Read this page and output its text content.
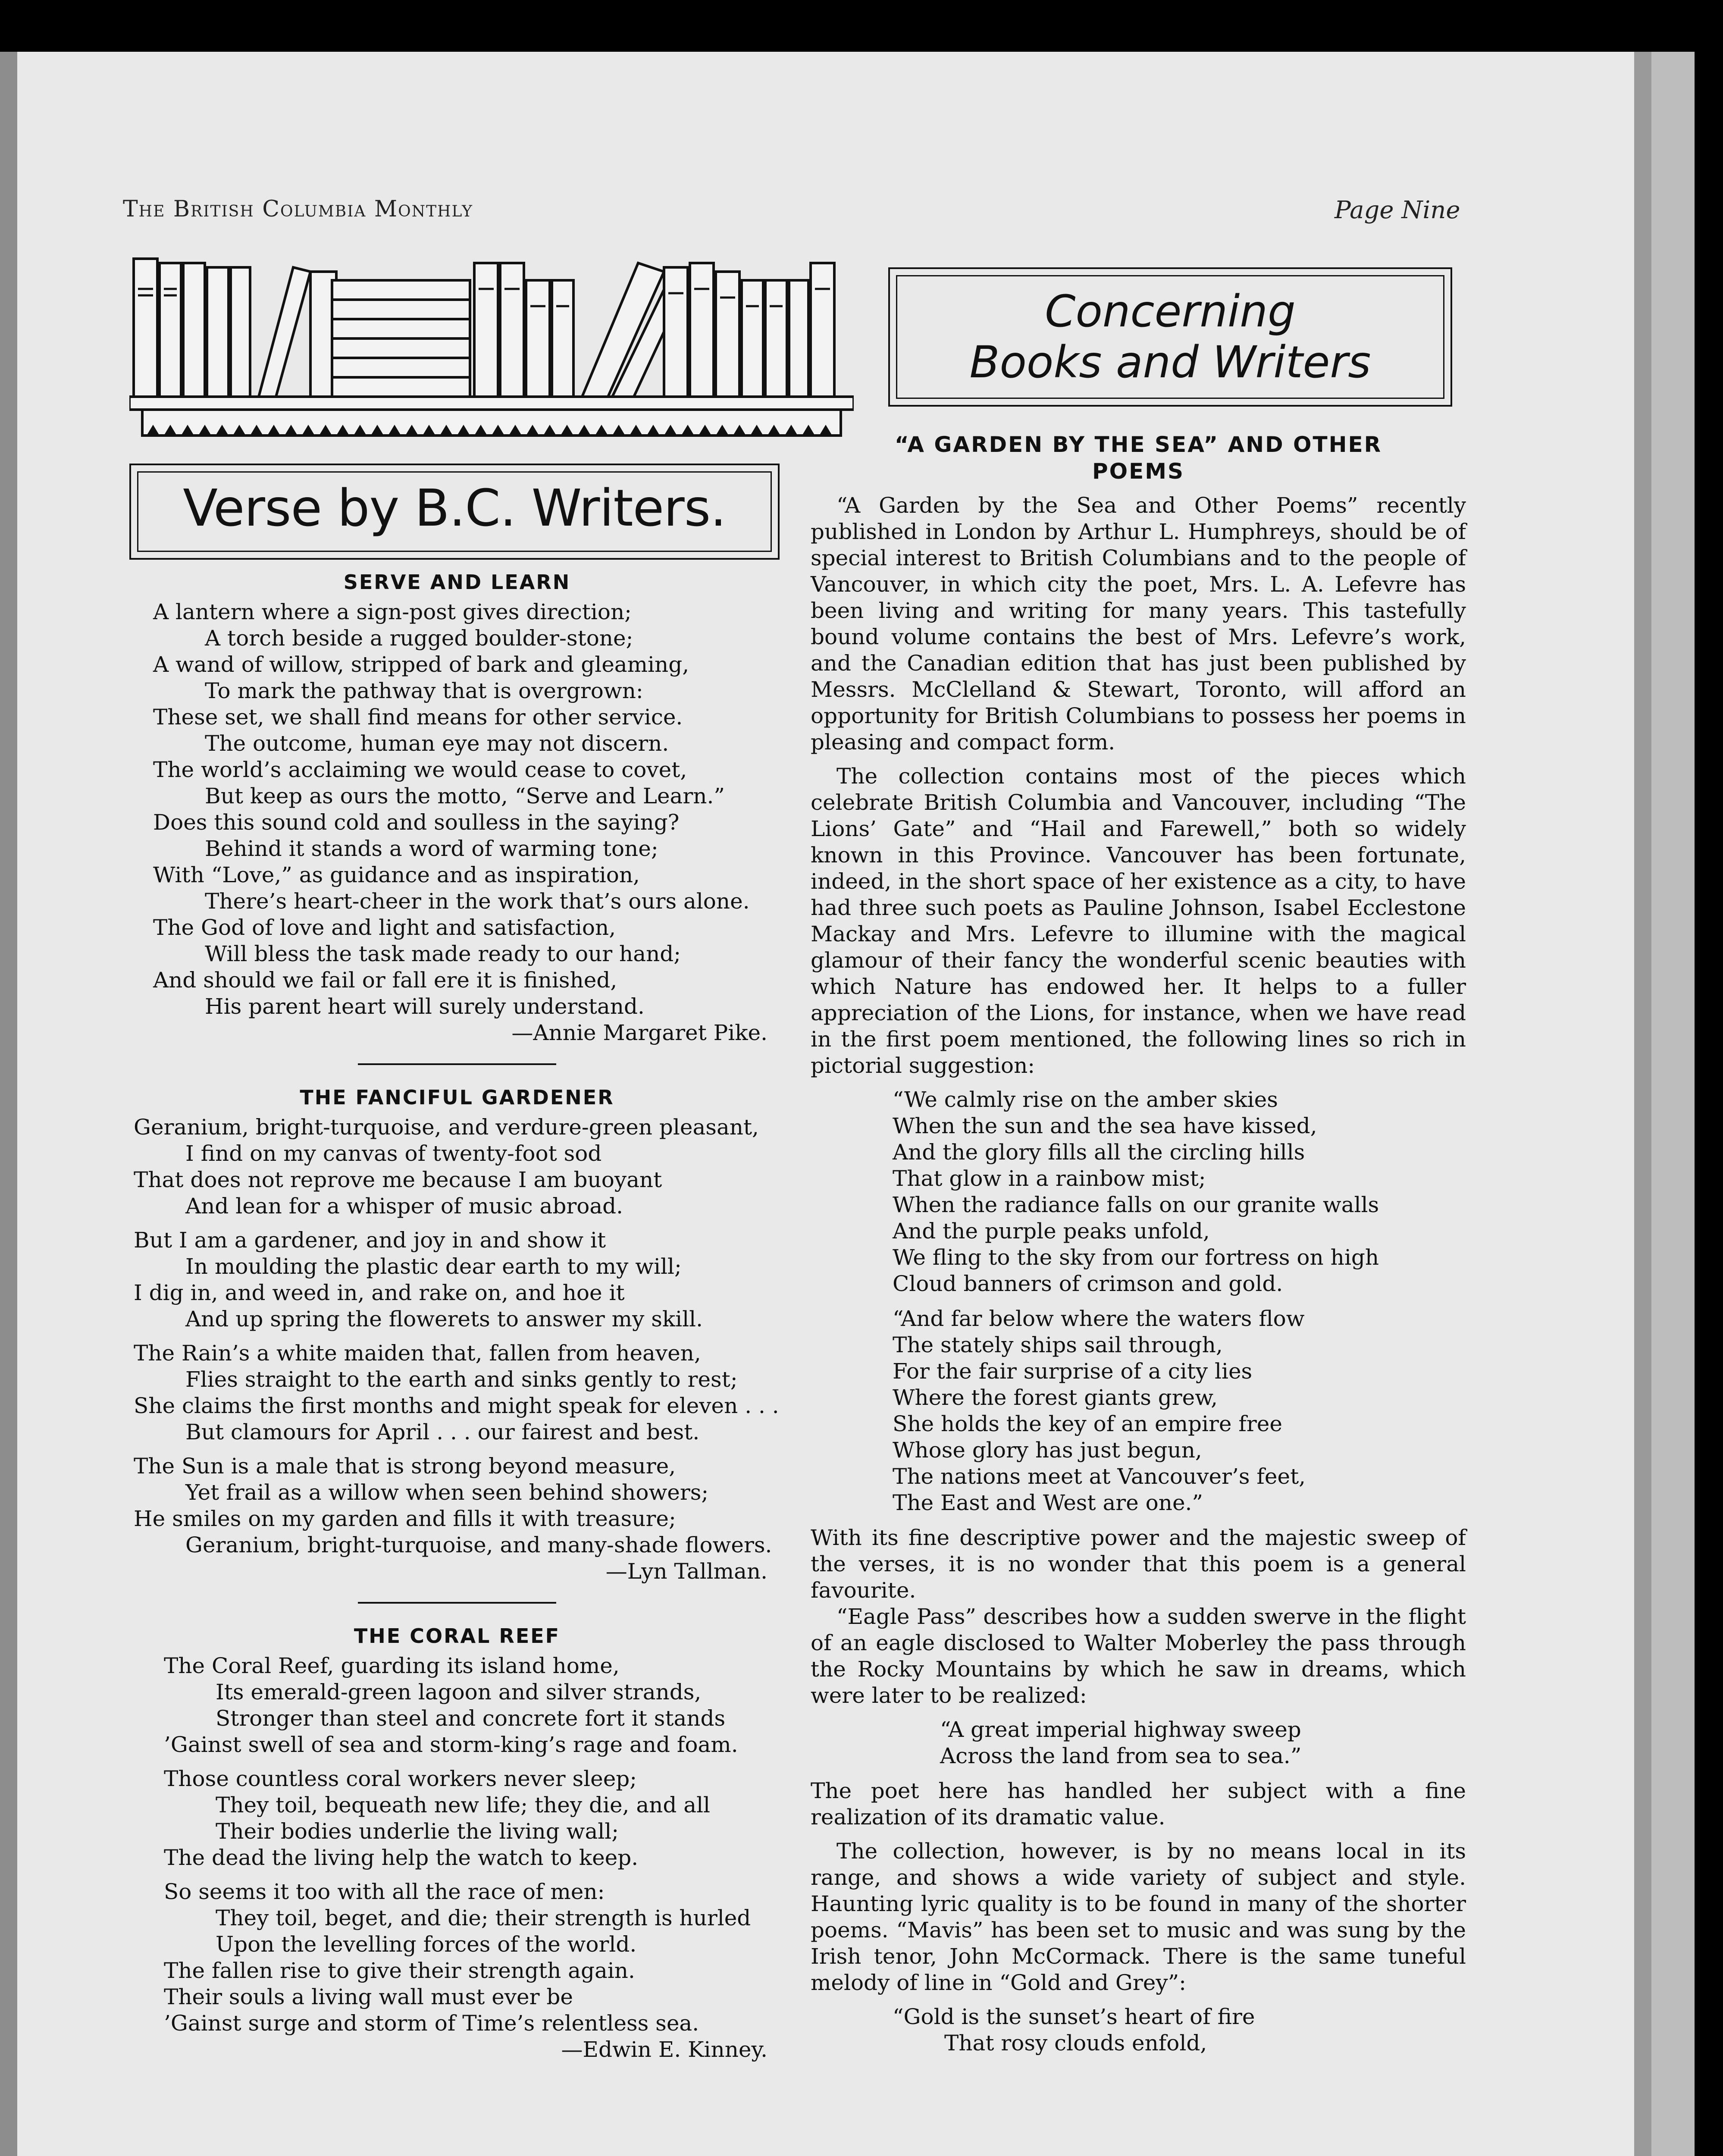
The British Columbia Monthly	Page Nine
Verse by B.C. Writers.
Concerning
Books and Writers
SERVE AND LEARN
A lantern where a sign-post gives direction;
A torch beside a rugged boulder-stone;
A wand of willow, stripped of bark and gleaming,
To mark the pathway that is overgrown:
These set, we shall find means for other service.
The outcome, human eye may not discern.
The world’s acclaiming we would cease to covet,
But keep as ours the motto, “Serve and Learn.”
Does this sound cold and soulless in the saying?
Behind it stands a word of warming tone;
With “Love,” as guidance and as inspiration,
There’s heart-cheer in the work that’s ours alone.
The God of love and light and satisfaction,
Will bless the task made ready to our hand;
And should we fail or fall ere it is finished,
His parent heart will surely understand.
—Annie Margaret Pike.
THE FANCIFUL GARDENER
Geranium, bright-turquoise, and verdure-green pleasant,
I find on my canvas of twenty-foot sod
That does not reprove me because I am buoyant
And lean for a whisper of music abroad.
But I am a gardener, and joy in and show it
In moulding the plastic dear earth to my will;
I dig in, and weed in, and rake on, and hoe it
And up spring the flowerets to answer my skill.
The Rain’s a white maiden that, fallen from heaven,
Flies straight to the earth and sinks gently to rest;
She claims the first months and might speak for eleven . . .
But clamours for April . . . our fairest and best.
The Sun is a male that is strong beyond measure,
Yet frail as a willow when seen behind showers;
He smiles on my garden and fills it with treasure;
Geranium, bright-turquoise, and many-shade flowers.
—Lyn Tallman.
THE CORAL REEF
The Coral Reef, guarding its island home,
Its emerald-green lagoon and silver strands,
Stronger than steel and concrete fort it stands
’Gainst swell of sea and storm-king’s rage and foam.
Those countless coral workers never sleep;
They toil, bequeath new life; they die, and all
Their bodies underlie the living wall;
The dead the living help the watch to keep.
So seems it too with all the race of men:
They toil, beget, and die; their strength is hurled
Upon the levelling forces of the world.
The fallen rise to give their strength again.
Their souls a living wall must ever be
’Gainst surge and storm of Time’s relentless sea.
—Edwin E. Kinney.
“A GARDEN BY THE SEA” AND OTHER POEMS
“A Garden by the Sea and Other Poems” recently published in London by Arthur L. Humphreys, should be of special interest to British Columbians and to the people of Vancouver, in which city the poet, Mrs. L. A. Lefevre has been living and writing for many years. This tastefully bound volume contains the best of Mrs. Lefevre’s work, and the Canadian edition that has just been published by Messrs. McClelland & Stewart, Toronto, will afford an opportunity for British Columbians to possess her poems in pleasing and compact form.
The collection contains most of the pieces which celebrate British Columbia and Vancouver, including “The Lions’ Gate” and “Hail and Farewell,” both so widely known in this Province. Vancouver has been fortunate, indeed, in the short space of her existence as a city, to have had three such poets as Pauline Johnson, Isabel Ecclestone Mackay and Mrs. Lefevre to illumine with the magical glamour of their fancy the wonderful scenic beauties with which Nature has endowed her. It helps to a fuller appreciation of the Lions, for instance, when we have read in the first poem mentioned, the following lines so rich in pictorial suggestion:
“We calmly rise on the amber skies
When the sun and the sea have kissed,
And the glory fills all the circling hills
That glow in a rainbow mist;
When the radiance falls on our granite walls
And the purple peaks unfold,
We fling to the sky from our fortress on high
Cloud banners of crimson and gold.
“And far below where the waters flow
The stately ships sail through,
For the fair surprise of a city lies
Where the forest giants grew,
She holds the key of an empire free
Whose glory has just begun,
The nations meet at Vancouver’s feet,
The East and West are one.”
With its fine descriptive power and the majestic sweep of the verses, it is no wonder that this poem is a general favourite.
“Eagle Pass” describes how a sudden swerve in the flight of an eagle disclosed to Walter Moberley the pass through the Rocky Mountains by which he saw in dreams, which were later to be realized:
“A great imperial highway sweep
Across the land from sea to sea.”
The poet here has handled her subject with a fine realization of its dramatic value.
The collection, however, is by no means local in its range, and shows a wide variety of subject and style. Haunting lyric quality is to be found in many of the shorter poems. “Mavis” has been set to music and was sung by the Irish tenor, John McCormack. There is the same tuneful melody of line in “Gold and Grey”:
“Gold is the sunset’s heart of fire
That rosy clouds enfold,
